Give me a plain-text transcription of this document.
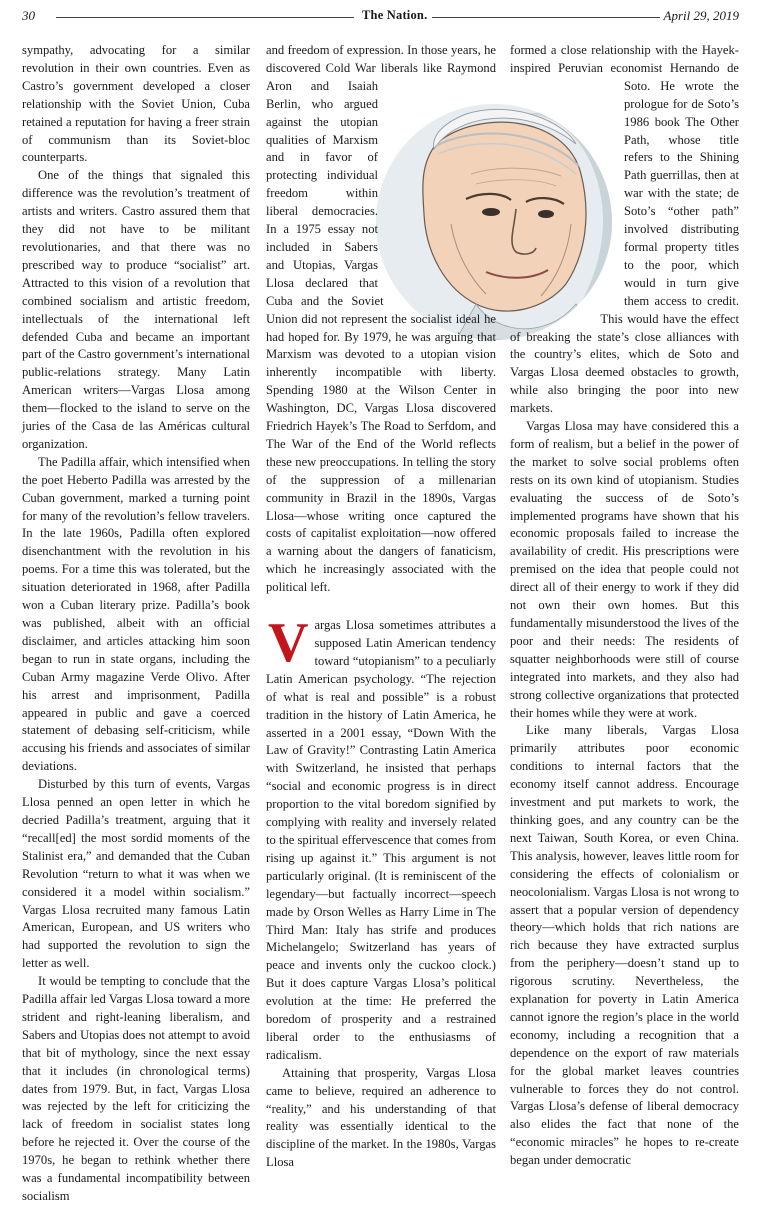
30	The Nation.	April 29, 2019

sympathy, advocating for a similar revolution in their own countries. Even as Castro’s government developed a closer relationship with the Soviet Union, Cuba retained a reputation for having a freer strain of communism than its Soviet-bloc counterparts.

One of the things that signaled this difference was the revolution’s treatment of artists and writers. Castro assured them that they did not have to be militant revolutionaries, and that there was no prescribed way to produce “socialist” art. Attracted to this vision of a revolution that combined socialism and artistic freedom, intellectuals of the international left defended Cuba and became an important part of the Castro government’s international public-relations strategy. Many Latin American writers—Vargas Llosa among them—flocked to the island to serve on the juries of the Casa de las Américas cultural organization.

The Padilla affair, which intensified when the poet Heberto Padilla was arrested by the Cuban government, marked a turning point for many of the revolution’s fellow travelers. In the late 1960s, Padilla often explored disenchantment with the revolution in his poems. For a time this was tolerated, but the situation deteriorated in 1968, after Padilla won a Cuban literary prize. Padilla’s book was published, albeit with an official disclaimer, and articles attacking him soon began to run in state organs, including the Cuban Army magazine Verde Olivo. After his arrest and imprisonment, Padilla appeared in public and gave a coerced statement of debasing self-criticism, while accusing his friends and associates of similar deviations.

Disturbed by this turn of events, Vargas Llosa penned an open letter in which he decried Padilla’s treatment, arguing that it “recall[ed] the most sordid moments of the Stalinist era,” and demanded that the Cuban Revolution “return to what it was when we considered it a model within socialism.” Vargas Llosa recruited many famous Latin American, European, and US writers who had supported the revolution to sign the letter as well.

It would be tempting to conclude that the Padilla affair led Vargas Llosa toward a more strident and right-leaning liberalism, and Sabers and Utopias does not attempt to avoid that bit of mythology, since the next essay that it includes (in chronological terms) dates from 1979. But, in fact, Vargas Llosa was rejected by the left for criticizing the lack of freedom in socialist states long before he rejected it. Over the course of the 1970s, he began to rethink whether there was a fundamental incompatibility between socialism

and freedom of expression. In those years, he discovered Cold War liberals like Raymond Aron and Isaiah Berlin, who argued against the utopian qualities of Marxism and in favor of protecting individual freedom within liberal democracies. In a 1975 essay not included in Sabers and Utopias, Vargas Llosa declared that Cuba and the Soviet Union did not represent the socialist ideal he had hoped for. By 1979, he was arguing that Marxism was devoted to a utopian vision inherently incompatible with liberty. Spending 1980 at the Wilson Center in Washington, DC, Vargas Llosa discovered Friedrich Hayek’s The Road to Serfdom, and The War of the End of the World reflects these new preoccupations. In telling the story of the suppression of a millenarian community in Brazil in the 1890s, Vargas Llosa—whose writing once captured the costs of capitalist exploitation—now offered a warning about the dangers of fanaticism, which he increasingly associated with the political left.

Vargas Llosa sometimes attributes a supposed Latin American tendency toward “utopianism” to a peculiarly Latin American psychology. “The rejection of what is real and possible” is a robust tradition in the history of Latin America, he asserted in a 2001 essay, “Down With the Law of Gravity!” Contrasting Latin America with Switzerland, he insisted that perhaps “social and economic progress is in direct proportion to the vital boredom signified by complying with reality and inversely related to the spiritual effervescence that comes from rising up against it.” This argument is not particularly original. (It is reminiscent of the legendary—but factually incorrect—speech made by Orson Welles as Harry Lime in The Third Man: Italy has strife and produces Michelangelo; Switzerland has years of peace and invents only the cuckoo clock.) But it does capture Vargas Llosa’s political evolution at the time: He preferred the boredom of prosperity and a restrained liberal order to the enthusiasms of radicalism.

Attaining that prosperity, Vargas Llosa came to believe, required an adherence to “reality,” and his understanding of that reality was essentially identical to the discipline of the market. In the 1980s, Vargas Llosa

formed a close relationship with the Hayek-inspired Peruvian economist Hernando de Soto. He wrote the prologue for de Soto’s 1986 book The Other Path, whose title refers to the Shining Path guerrillas, then at war with the state; de Soto’s “other path” involved distributing formal property titles to the poor, which would in turn give them access to credit. This would have the effect of breaking the state’s close alliances with the country’s elites, which de Soto and Vargas Llosa deemed obstacles to growth, while also bringing the poor into new markets.

Vargas Llosa may have considered this a form of realism, but a belief in the power of the market to solve social problems often rests on its own kind of utopianism. Studies evaluating the success of de Soto’s implemented programs have shown that his economic proposals failed to increase the availability of credit. His prescriptions were premised on the idea that people could not direct all of their energy to work if they did not own their own homes. But this fundamentally misunderstood the lives of the poor and their needs: The residents of squatter neighborhoods were still of course integrated into markets, and they also had strong collective organizations that protected their homes while they were at work.

Like many liberals, Vargas Llosa primarily attributes poor economic conditions to internal factors that the economy itself cannot address. Encourage investment and put markets to work, the thinking goes, and any country can be the next Taiwan, South Korea, or even China. This analysis, however, leaves little room for considering the effects of colonialism or neocolonialism. Vargas Llosa is not wrong to assert that a popular version of dependency theory—which holds that rich nations are rich because they have extracted surplus from the periphery—doesn’t stand up to rigorous scrutiny. Nevertheless, the explanation for poverty in Latin America cannot ignore the region’s place in the world economy, including a recognition that a dependence on the export of raw materials for the global market leaves countries vulnerable to forces they do not control. Vargas Llosa’s defense of liberal democracy also elides the fact that none of the “economic miracles” he hopes to re-create began under democratic
